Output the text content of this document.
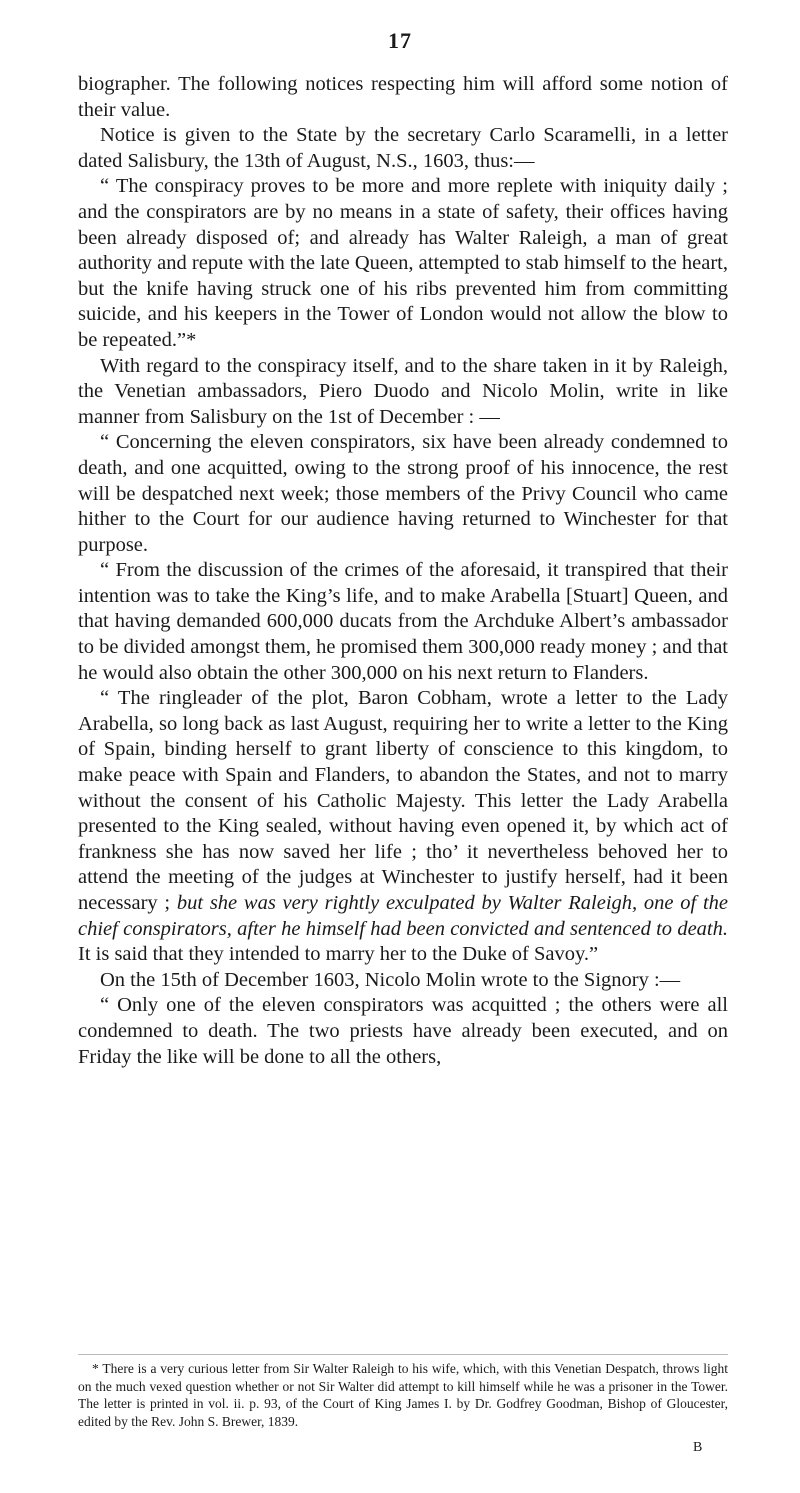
17

biographer. The following notices respecting him will afford some notion of their value.

Notice is given to the State by the secretary Carlo Scaramelli, in a letter dated Salisbury, the 13th of August, N.S., 1603, thus:—

“ The conspiracy proves to be more and more replete with iniquity daily ; and the conspirators are by no means in a state of safety, their offices having been already disposed of; and already has Walter Raleigh, a man of great authority and repute with the late Queen, attempted to stab himself to the heart, but the knife having struck one of his ribs prevented him from committing suicide, and his keepers in the Tower of London would not allow the blow to be repeated.”*

With regard to the conspiracy itself, and to the share taken in it by Raleigh, the Venetian ambassadors, Piero Duodo and Nicolo Molin, write in like manner from Salisbury on the 1st of December : —

“ Concerning the eleven conspirators, six have been already condemned to death, and one acquitted, owing to the strong proof of his innocence, the rest will be despatched next week; those members of the Privy Council who came hither to the Court for our audience having returned to Winchester for that purpose.

“ From the discussion of the crimes of the aforesaid, it transpired that their intention was to take the King’s life, and to make Arabella [Stuart] Queen, and that having demanded 600,000 ducats from the Archduke Albert’s ambassador to be divided amongst them, he promised them 300,000 ready money ; and that he would also obtain the other 300,000 on his next return to Flanders.

“ The ringleader of the plot, Baron Cobham, wrote a letter to the Lady Arabella, so long back as last August, requiring her to write a letter to the King of Spain, binding herself to grant liberty of conscience to this kingdom, to make peace with Spain and Flanders, to abandon the States, and not to marry without the consent of his Catholic Majesty. This letter the Lady Arabella presented to the King sealed, without having even opened it, by which act of frankness she has now saved her life ; tho’ it nevertheless behoved her to attend the meeting of the judges at Winchester to justify herself, had it been necessary ; but she was very rightly exculpated by Walter Raleigh, one of the chief conspirators, after he himself had been convicted and sentenced to death. It is said that they intended to marry her to the Duke of Savoy.”

On the 15th of December 1603, Nicolo Molin wrote to the Signory :—

“ Only one of the eleven conspirators was acquitted ; the others were all condemned to death. The two priests have already been executed, and on Friday the like will be done to all the others,

* There is a very curious letter from Sir Walter Raleigh to his wife, which, with this Venetian Despatch, throws light on the much vexed question whether or not Sir Walter did attempt to kill himself while he was a prisoner in the Tower. The letter is printed in vol. ii. p. 93, of the Court of King James I. by Dr. Godfrey Goodman, Bishop of Gloucester, edited by the Rev. John S. Brewer, 1839.
B
